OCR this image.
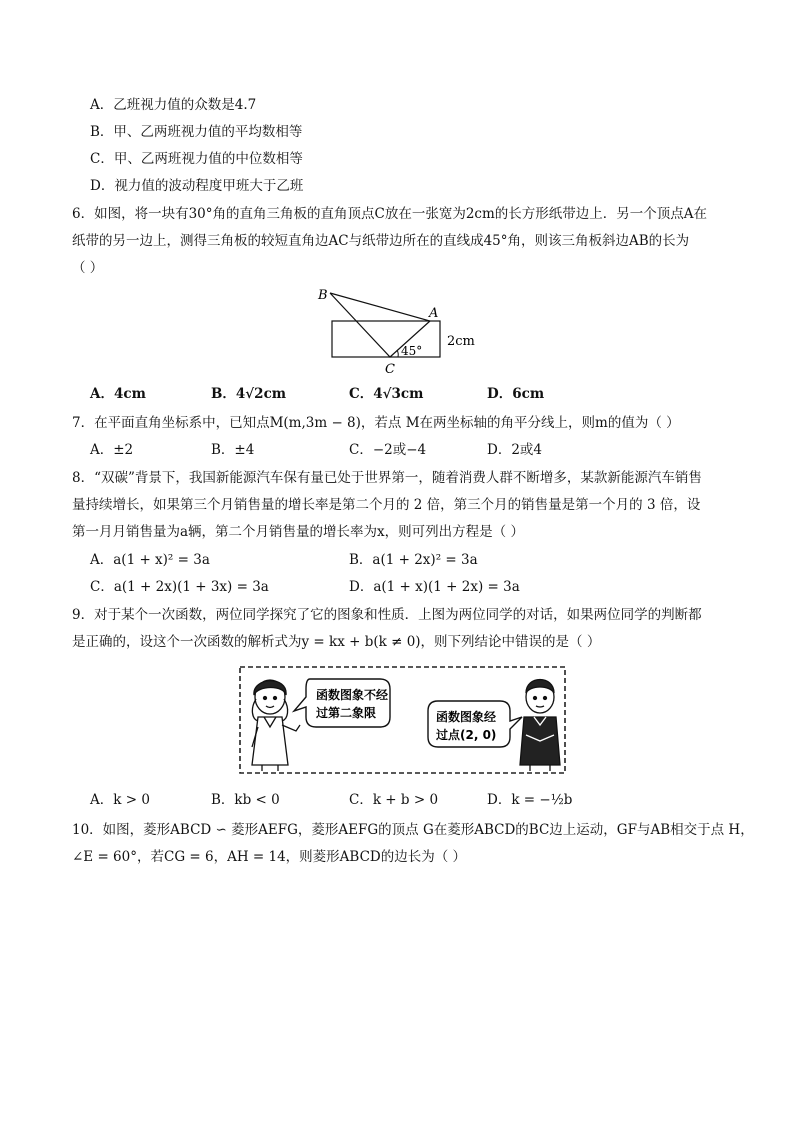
A．乙班视力值的众数是4.7
B．甲、乙两班视力值的平均数相等
C．甲、乙两班视力值的中位数相等
D．视力值的波动程度甲班大于乙班
6．如图，将一块有30°角的直角三角板的直角顶点C放在一张宽为2cm的长方形纸带边上．另一个顶点A在
纸带的另一边上，测得三角板的较短直角边AC与纸带边所在的直线成45°角，则该三角板斜边AB的长为
（ ）
B
A
C
45°
2cm
A．4cm	B．4√2cm	C．4√3cm	D．6cm
7．在平面直角坐标系中，已知点M(m,3m − 8)，若点 M在两坐标轴的角平分线上，则m的值为（ ）
A．±2	B．±4	C．−2或−4	D．2或4
8．“双碳”背景下，我国新能源汽车保有量已处于世界第一，随着消费人群不断增多，某款新能源汽车销售
量持续增长，如果第三个月销售量的增长率是第二个月的 2 倍，第三个月的销售量是第一个月的 3 倍，设
第一月月销售量为a辆，第二个月销售量的增长率为x，则可列出方程是（ ）
A．a(1 + x)² = 3a	B．a(1 + 2x)² = 3a
C．a(1 + 2x)(1 + 3x) = 3a	D．a(1 + x)(1 + 2x) = 3a
9．对于某个一次函数，两位同学探究了它的图象和性质．上图为两位同学的对话，如果两位同学的判断都
是正确的，设这个一次函数的解析式为y = kx + b(k ≠ 0)，则下列结论中错误的是（ ）
函数图象不经
过第二象限	函数图象经
过点(2, 0)
A．k > 0	B．kb < 0	C．k + b > 0	D．k = −½b
10．如图，菱形ABCD ∽ 菱形AEFG，菱形AEFG的顶点 G在菱形ABCD的BC边上运动，GF与AB相交于点 H，
∠E = 60°，若CG = 6，AH = 14，则菱形ABCD的边长为（ ）
